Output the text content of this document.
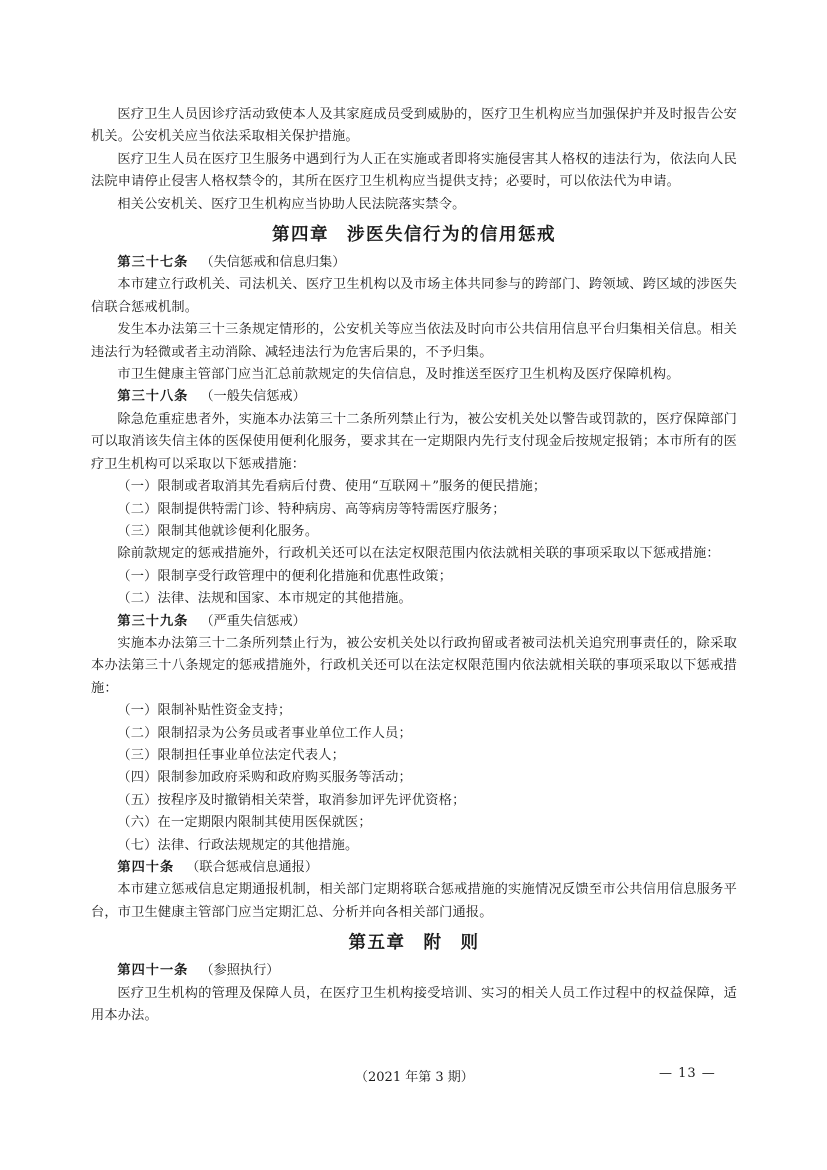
医疗卫生人员因诊疗活动致使本人及其家庭成员受到威胁的，医疗卫生机构应当加强保护并及时报告公安机关。公安机关应当依法采取相关保护措施。

医疗卫生人员在医疗卫生服务中遇到行为人正在实施或者即将实施侵害其人格权的违法行为，依法向人民法院申请停止侵害人格权禁令的，其所在医疗卫生机构应当提供支持；必要时，可以依法代为申请。

相关公安机关、医疗卫生机构应当协助人民法院落实禁令。

第四章 涉医失信行为的信用惩戒

第三十七条 （失信惩戒和信息归集）

本市建立行政机关、司法机关、医疗卫生机构以及市场主体共同参与的跨部门、跨领域、跨区域的涉医失信联合惩戒机制。

发生本办法第三十三条规定情形的，公安机关等应当依法及时向市公共信用信息平台归集相关信息。相关违法行为轻微或者主动消除、减轻违法行为危害后果的，不予归集。

市卫生健康主管部门应当汇总前款规定的失信信息，及时推送至医疗卫生机构及医疗保障机构。

第三十八条 （一般失信惩戒）

除急危重症患者外，实施本办法第三十二条所列禁止行为，被公安机关处以警告或罚款的，医疗保障部门可以取消该失信主体的医保使用便利化服务，要求其在一定期限内先行支付现金后按规定报销；本市所有的医疗卫生机构可以采取以下惩戒措施：

（一）限制或者取消其先看病后付费、使用“互联网＋”服务的便民措施；

（二）限制提供特需门诊、特种病房、高等病房等特需医疗服务；

（三）限制其他就诊便利化服务。

除前款规定的惩戒措施外，行政机关还可以在法定权限范围内依法就相关联的事项采取以下惩戒措施：

（一）限制享受行政管理中的便利化措施和优惠性政策；

（二）法律、法规和国家、本市规定的其他措施。

第三十九条 （严重失信惩戒）

实施本办法第三十二条所列禁止行为，被公安机关处以行政拘留或者被司法机关追究刑事责任的，除采取本办法第三十八条规定的惩戒措施外，行政机关还可以在法定权限范围内依法就相关联的事项采取以下惩戒措施：

（一）限制补贴性资金支持；

（二）限制招录为公务员或者事业单位工作人员；

（三）限制担任事业单位法定代表人；

（四）限制参加政府采购和政府购买服务等活动；

（五）按程序及时撤销相关荣誉，取消参加评先评优资格；

（六）在一定期限内限制其使用医保就医；

（七）法律、行政法规规定的其他措施。

第四十条 （联合惩戒信息通报）

本市建立惩戒信息定期通报机制，相关部门定期将联合惩戒措施的实施情况反馈至市公共信用信息服务平台，市卫生健康主管部门应当定期汇总、分析并向各相关部门通报。

第五章 附 则

第四十一条 （参照执行）

医疗卫生机构的管理及保障人员，在医疗卫生机构接受培训、实习的相关人员工作过程中的权益保障，适用本办法。

（2021 年第 3 期）	— 13 —
